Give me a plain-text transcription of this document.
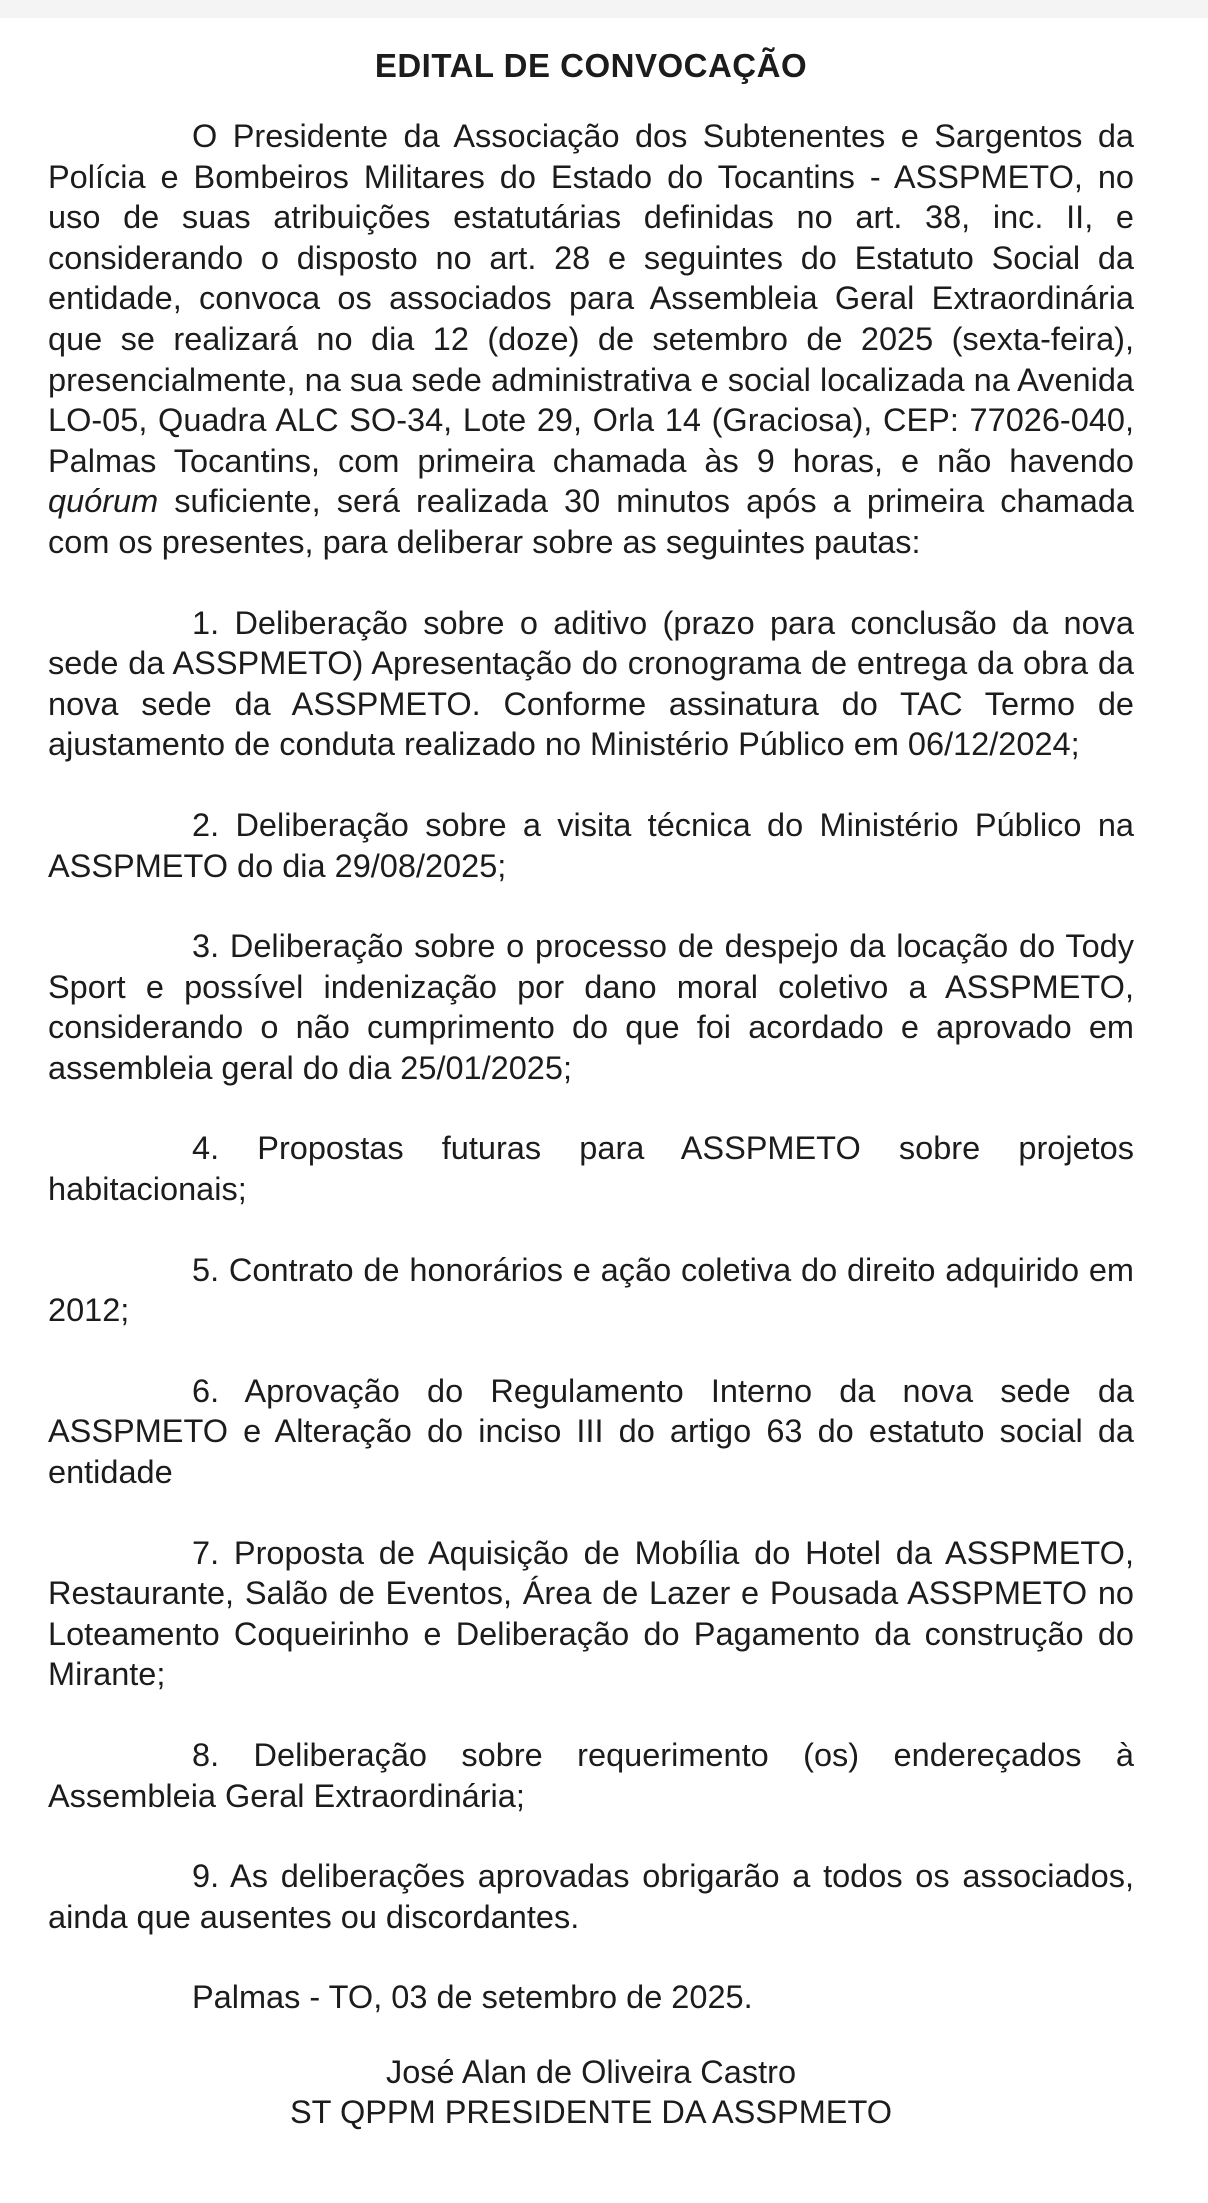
EDITAL DE CONVOCAÇÃO

O Presidente da Associação dos Subtenentes e Sargentos da Polícia e Bombeiros Militares do Estado do Tocantins - ASSPMETO, no uso de suas atribuições estatutárias definidas no art. 38, inc. II, e considerando o disposto no art. 28 e seguintes do Estatuto Social da entidade, convoca os associados para Assembleia Geral Extraordinária que se realizará no dia 12 (doze) de setembro de 2025 (sexta-feira), presencialmente, na sua sede administrativa e social localizada na Avenida LO-05, Quadra ALC SO-34, Lote 29, Orla 14 (Graciosa), CEP: 77026-040, Palmas Tocantins, com primeira chamada às 9 horas, e não havendo quórum suficiente, será realizada 30 minutos após a primeira chamada com os presentes, para deliberar sobre as seguintes pautas:

1. Deliberação sobre o aditivo (prazo para conclusão da nova sede da ASSPMETO) Apresentação do cronograma de entrega da obra da nova sede da ASSPMETO. Conforme assinatura do TAC Termo de ajustamento de conduta realizado no Ministério Público em 06/12/2024;

2. Deliberação sobre a visita técnica do Ministério Público na ASSPMETO do dia 29/08/2025;

3. Deliberação sobre o processo de despejo da locação do Tody Sport e possível indenização por dano moral coletivo a ASSPMETO, considerando o não cumprimento do que foi acordado e aprovado em assembleia geral do dia 25/01/2025;

4. Propostas futuras para ASSPMETO sobre projetos habitacionais;

5. Contrato de honorários e ação coletiva do direito adquirido em 2012;

6. Aprovação do Regulamento Interno da nova sede da ASSPMETO e Alteração do inciso III do artigo 63 do estatuto social da entidade

7. Proposta de Aquisição de Mobília do Hotel da ASSPMETO, Restaurante, Salão de Eventos, Área de Lazer e Pousada ASSPMETO no Loteamento Coqueirinho e Deliberação do Pagamento da construção do Mirante;

8. Deliberação sobre requerimento (os) endereçados à Assembleia Geral Extraordinária;

9. As deliberações aprovadas obrigarão a todos os associados, ainda que ausentes ou discordantes.

Palmas - TO, 03 de setembro de 2025.

José Alan de Oliveira Castro
ST QPPM PRESIDENTE DA ASSPMETO
